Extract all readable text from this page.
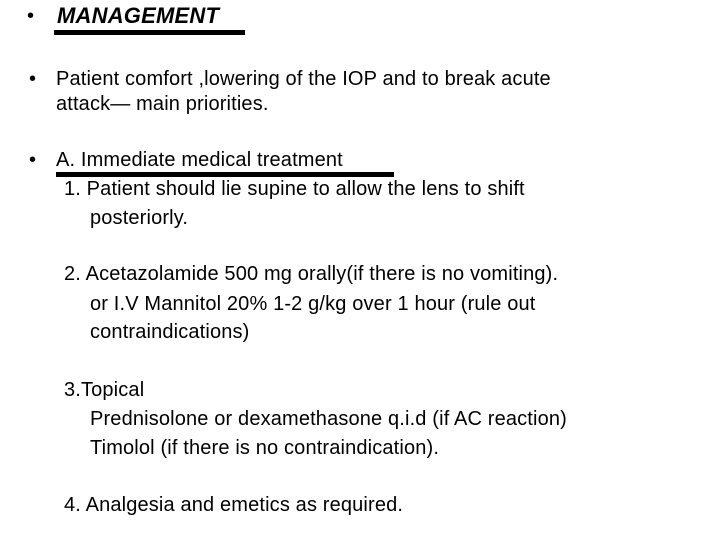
• MANAGEMENT
• Patient comfort ,lowering of the IOP and to break acute
attack— main priorities.
• A. Immediate medical treatment
1. Patient should lie supine to allow the lens to shift
posteriorly.
2. Acetazolamide 500 mg orally(if there is no vomiting).
or I.V Mannitol 20% 1-2 g/kg over 1 hour (rule out
contraindications)
3.Topical
Prednisolone or dexamethasone q.i.d (if AC reaction)
Timolol (if there is no contraindication).
4. Analgesia and emetics as required.
